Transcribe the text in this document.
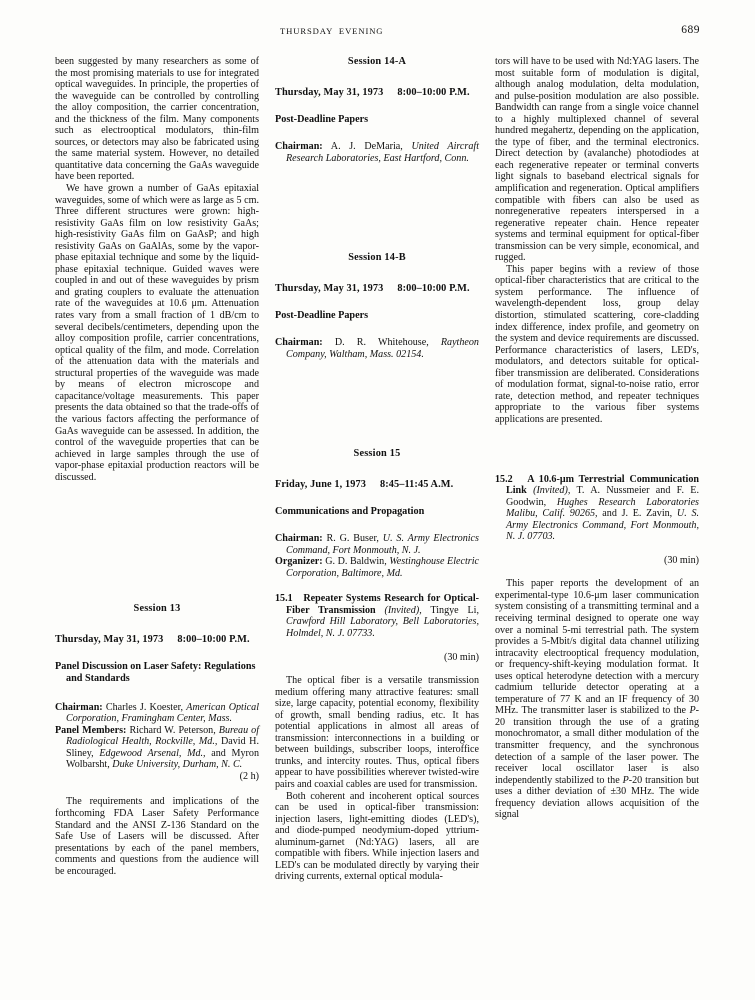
THURSDAY EVENING	689

been suggested by many researchers as some of the most promising materials to use for integrated optical waveguides. In principle, the properties of the waveguide can be controlled by controlling the alloy composition, the carrier concentration, and the thickness of the film. Many components such as electrooptical modulators, thin-film sources, or detectors may also be fabricated using the same material system. However, no detailed quantitative data concerning the GaAs waveguide have been reported.

We have grown a number of GaAs epitaxial waveguides, some of which were as large as 5 cm. Three different structures were grown: high-resistivity GaAs film on low resistivity GaAs; high-resistivity GaAs film on GaAsP; and high resistivity GaAs on GaAlAs, some by the vapor-phase epitaxial technique and some by the liquid-phase epitaxial technique. Guided waves were coupled in and out of these waveguides by prism and grating couplers to evaluate the attenuation rate of the waveguides at 10.6 μm. Attenuation rates vary from a small fraction of 1 dB/cm to several decibels/centimeters, depending upon the alloy composition profile, carrier concentrations, optical quality of the film, and mode. Correlation of the attenuation data with the materials and structural properties of the waveguide was made by means of electron microscope and capacitance/voltage measurements. This paper presents the data obtained so that the trade-offs of the various factors affecting the performance of GaAs waveguide can be assessed. In addition, the control of the waveguide properties that can be achieved in large samples through the use of vapor-phase epitaxial production reactors will be discussed.

Session 13

Thursday, May 31, 1973 8:00–10:00 P.M.

Panel Discussion on Laser Safety: Regulations and Standards

Chairman: Charles J. Koester, American Optical Corporation, Framingham Center, Mass.

Panel Members: Richard W. Peterson, Bureau of Radiological Health, Rockville, Md., David H. Sliney, Edgewood Arsenal, Md., and Myron Wolbarsht, Duke University, Durham, N. C.

(2 h)

The requirements and implications of the forthcoming FDA Laser Safety Performance Standard and the ANSI Z-136 Standard on the Safe Use of Lasers will be discussed. After presentations by each of the panel members, comments and questions from the audience will be encouraged.

Session 14-A

Thursday, May 31, 1973 8:00–10:00 P.M.

Post-Deadline Papers

Chairman: A. J. DeMaria, United Aircraft Research Laboratories, East Hartford, Conn.

Session 14-B

Thursday, May 31, 1973 8:00–10:00 P.M.

Post-Deadline Papers

Chairman: D. R. Whitehouse, Raytheon Company, Waltham, Mass. 02154.

Session 15

Friday, June 1, 1973 8:45–11:45 A.M.

Communications and Propagation

Chairman: R. G. Buser, U. S. Army Electronics Command, Fort Monmouth, N. J.

Organizer: G. D. Baldwin, Westinghouse Electric Corporation, Baltimore, Md.

15.1 Repeater Systems Research for Optical-Fiber Transmission (Invited), Tingye Li, Crawford Hill Laboratory, Bell Laboratories, Holmdel, N. J. 07733.

(30 min)

The optical fiber is a versatile transmission medium offering many attractive features: small size, large capacity, potential economy, flexibility of growth, small bending radius, etc. It has potential applications in almost all areas of transmission: interconnections in a building or between buildings, subscriber loops, interoffice trunks, and intercity routes. Thus, optical fibers appear to have possibilities wherever twisted-wire pairs and coaxial cables are used for transmission.

Both coherent and incoherent optical sources can be used in optical-fiber transmission: injection lasers, light-emitting diodes (LED's), and diode-pumped neodymium-doped yttrium-aluminum-garnet (Nd:YAG) lasers, all are compatible with fibers. While injection lasers and LED's can be modulated directly by varying their driving currents, external optical modula-

tors will have to be used with Nd:YAG lasers. The most suitable form of modulation is digital, although analog modulation, delta modulation, and pulse-position modulation are also possible. Bandwidth can range from a single voice channel to a highly multiplexed channel of several hundred megahertz, depending on the application, the type of fiber, and the terminal electronics. Direct detection by (avalanche) photodiodes at each regenerative repeater or terminal converts light signals to baseband electrical signals for amplification and regeneration. Optical amplifiers compatible with fibers can also be used as nonregenerative repeaters interspersed in a regenerative repeater chain. Hence repeater systems and terminal equipment for optical-fiber transmission can be very simple, economical, and rugged.

This paper begins with a review of those optical-fiber characteristics that are critical to the system performance. The influence of wavelength-dependent loss, group delay distortion, stimulated scattering, core-cladding index difference, index profile, and geometry on the system and device requirements are discussed. Performance characteristics of lasers, LED's, modulators, and detectors suitable for optical-fiber transmission are deliberated. Considerations of modulation format, signal-to-noise ratio, error rate, detection method, and repeater techniques appropriate to the various fiber systems applications are presented.

15.2 A 10.6-μm Terrestrial Communication Link (Invited), T. A. Nussmeier and F. E. Goodwin, Hughes Research Laboratories Malibu, Calif. 90265, and J. E. Zavin, U. S. Army Electronics Command, Fort Monmouth, N. J. 07703.

(30 min)

This paper reports the development of an experimental-type 10.6-μm laser communication system consisting of a transmitting terminal and a receiving terminal designed to operate one way over a nominal 5-mi terrestrial path. The system provides a 5-Mbit/s digital data channel utilizing intracavity electrooptical frequency modulation, or frequency-shift-keying modulation format. It uses optical heterodyne detection with a mercury cadmium telluride detector operating at a temperature of 77 K and an IF frequency of 30 MHz. The transmitter laser is stabilized to the P-20 transition through the use of a grating monochromator, a small dither modulation of the transmitter frequency, and the synchronous detection of a sample of the laser power. The receiver local oscillator laser is also independently stabilized to the P-20 transition but uses a dither deviation of ±30 MHz. The wide frequency deviation allows acquisition of the signal
